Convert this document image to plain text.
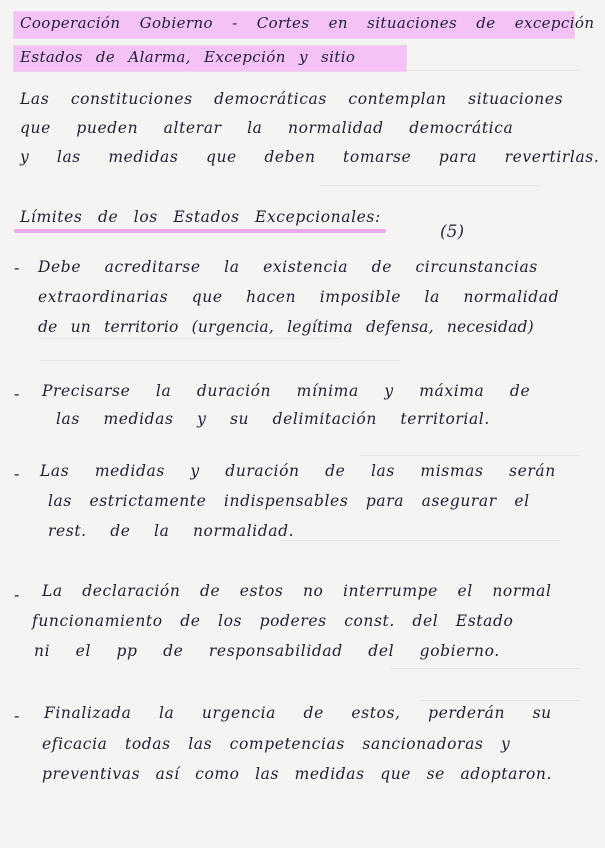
Cooperación Gobierno - Cortes en situaciones de excepción
Estados de Alarma, Excepción y sitio
Las constituciones democráticas contemplan situaciones
que pueden alterar la normalidad democrática
y las medidas que deben tomarse para revertirlas.
Límites de los Estados Excepcionales:
(5)
- Debe acreditarse la existencia de circunstancias
extraordinarias que hacen imposible la normalidad
de un territorio (urgencia, legítima defensa, necesidad)
- Precisarse la duración mínima y máxima de
las medidas y su delimitación territorial.
- Las medidas y duración de las mismas serán
las estrictamente indispensables para asegurar el
rest. de la normalidad.
- La declaración de estos no interrumpe el normal
funcionamiento de los poderes const. del Estado
ni el pp de responsabilidad del gobierno.
- Finalizada la urgencia de estos, perderán su
eficacia todas las competencias sancionadoras y
preventivas así como las medidas que se adoptaron.
